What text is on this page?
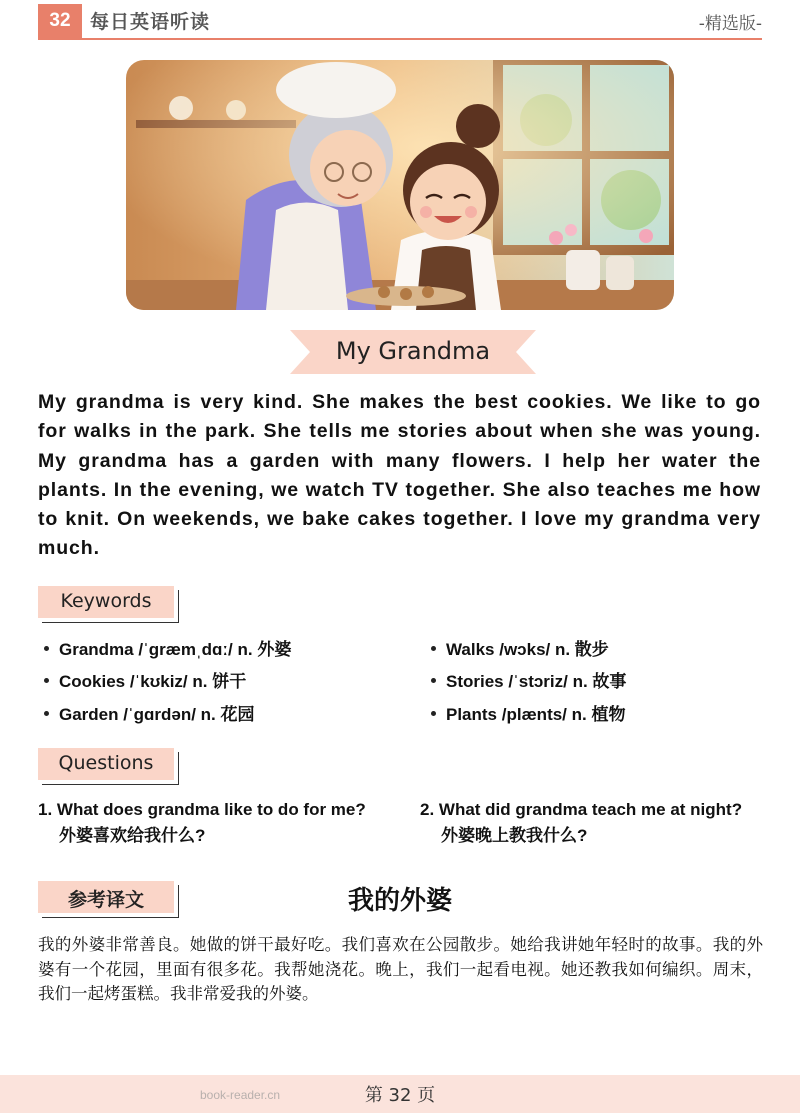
32 每日英语听读	-精选版-
My Grandma
My grandma is very kind. She makes the best cookies. We like to go for walks in the park. She tells me stories about when she was young. My grandma has a garden with many flowers. I help her water the plants. In the evening, we watch TV together. She also teaches me how to knit. On weekends, we bake cakes together. I love my grandma very much.
Keywords
Grandma /ˈɡræmˌdɑː/ n. 外婆	Walks /wɔks/ n. 散步
Cookies /ˈkʊkiz/ n. 饼干	Stories /ˈstɔriz/ n. 故事
Garden /ˈɡɑrdən/ n. 花园	Plants /plænts/ n. 植物
Questions
1. What does grandma like to do for me?
外婆喜欢给我什么?
2. What did grandma teach me at night?
外婆晚上教我什么?
参考译文	我的外婆
我的外婆非常善良。她做的饼干最好吃。我们喜欢在公园散步。她给我讲她年轻时的故事。我的外婆有一个花园，里面有很多花。我帮她浇花。晚上，我们一起看电视。她还教我如何编织。周末，我们一起烤蛋糕。我非常爱我的外婆。
book-reader.cn	第 32 页
